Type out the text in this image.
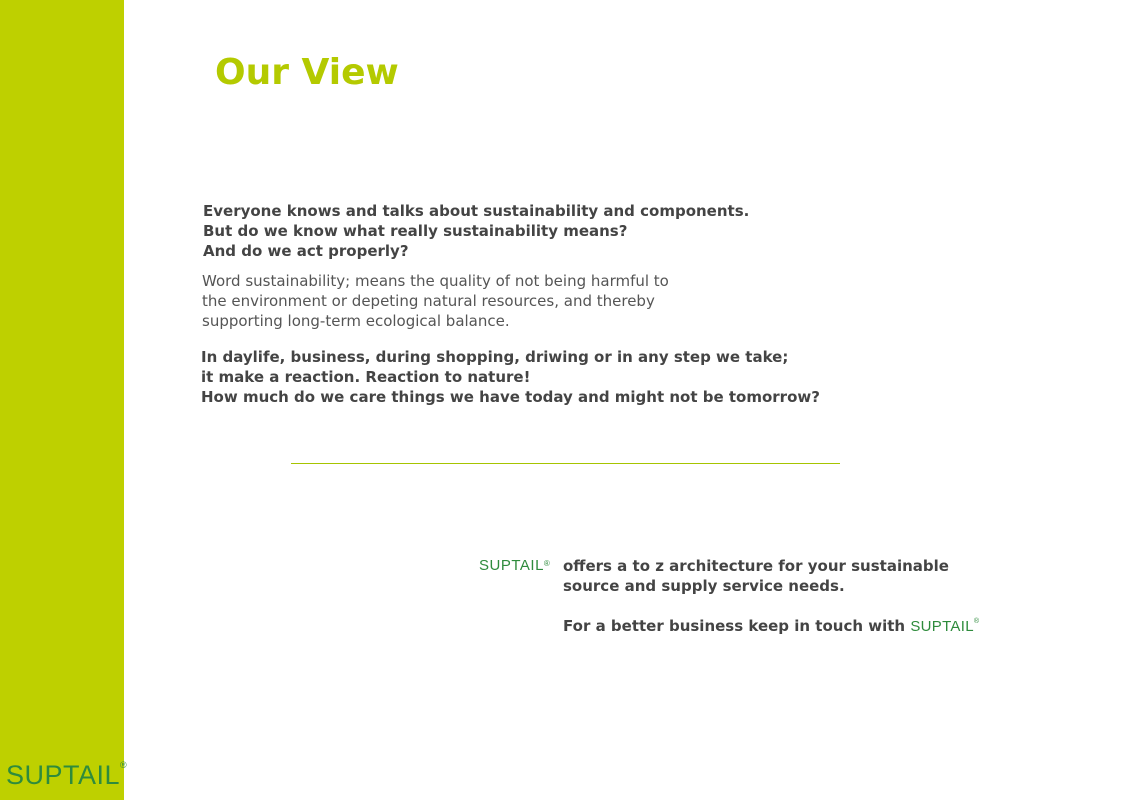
SUPTAIL®
Our View

Everyone knows and talks about sustainability and components.

But do we know what really sustainability means?

And do we act properly?

Word sustainability; means the quality of not being harmful to

the environment or depeting natural resources, and thereby

supporting long-term ecological balance.

In daylife, business, during shopping, driwing or in any step we take;

it make a reaction. Reaction to nature!

How much do we care things we have today and might not be tomorrow?

SUPTAIL® offers a to z architecture for your sustainable

source and supply service needs.

For a better business keep in touch with SUPTAIL®
